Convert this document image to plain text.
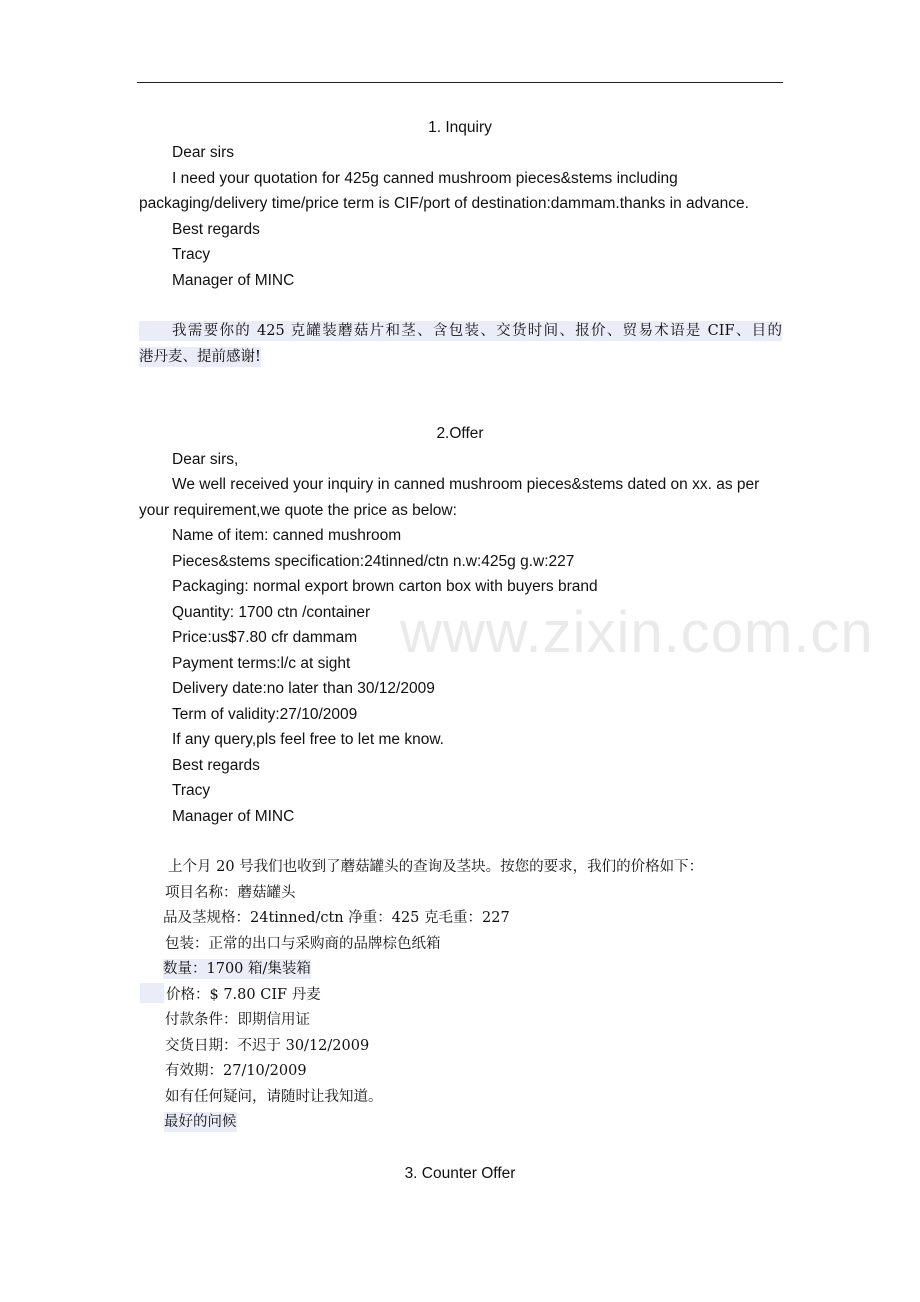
www.zixin.com.cn
1. Inquiry
Dear sirs
I need your quotation for 425g canned mushroom pieces&stems including
packaging/delivery time/price term is CIF/port of destination:dammam.thanks in advance.
Best regards
Tracy
Manager of MINC
我需要你的 425 克罐装蘑菇片和茎、含包装、交货时间、报价、贸易术语是 CIF、目的
港丹麦、提前感谢!
2.Offer
Dear sirs,
We well received your inquiry in canned mushroom pieces&stems dated on xx. as per
your requirement,we quote the price as below:
Name of item: canned mushroom
Pieces&stems specification:24tinned/ctn n.w:425g g.w:227
Packaging: normal export brown carton box with buyers brand
Quantity: 1700 ctn /container
Price:us$7.80 cfr dammam
Payment terms:l/c at sight
Delivery date:no later than 30/12/2009
Term of validity:27/10/2009
If any query,pls feel free to let me know.
Best regards
Tracy
Manager of MINC
上个月 20 号我们也收到了蘑菇罐头的查询及茎块。按您的要求，我们的价格如下：
项目名称：蘑菇罐头
品及茎规格：24tinned/ctn 净重：425 克毛重：227
包装：正常的出口与采购商的品牌棕色纸箱
数量：1700 箱/集装箱
价格：$ 7.80 CIF 丹麦
付款条件：即期信用证
交货日期：不迟于 30/12/2009
有效期：27/10/2009
如有任何疑问，请随时让我知道。
最好的问候
3. Counter Offer
